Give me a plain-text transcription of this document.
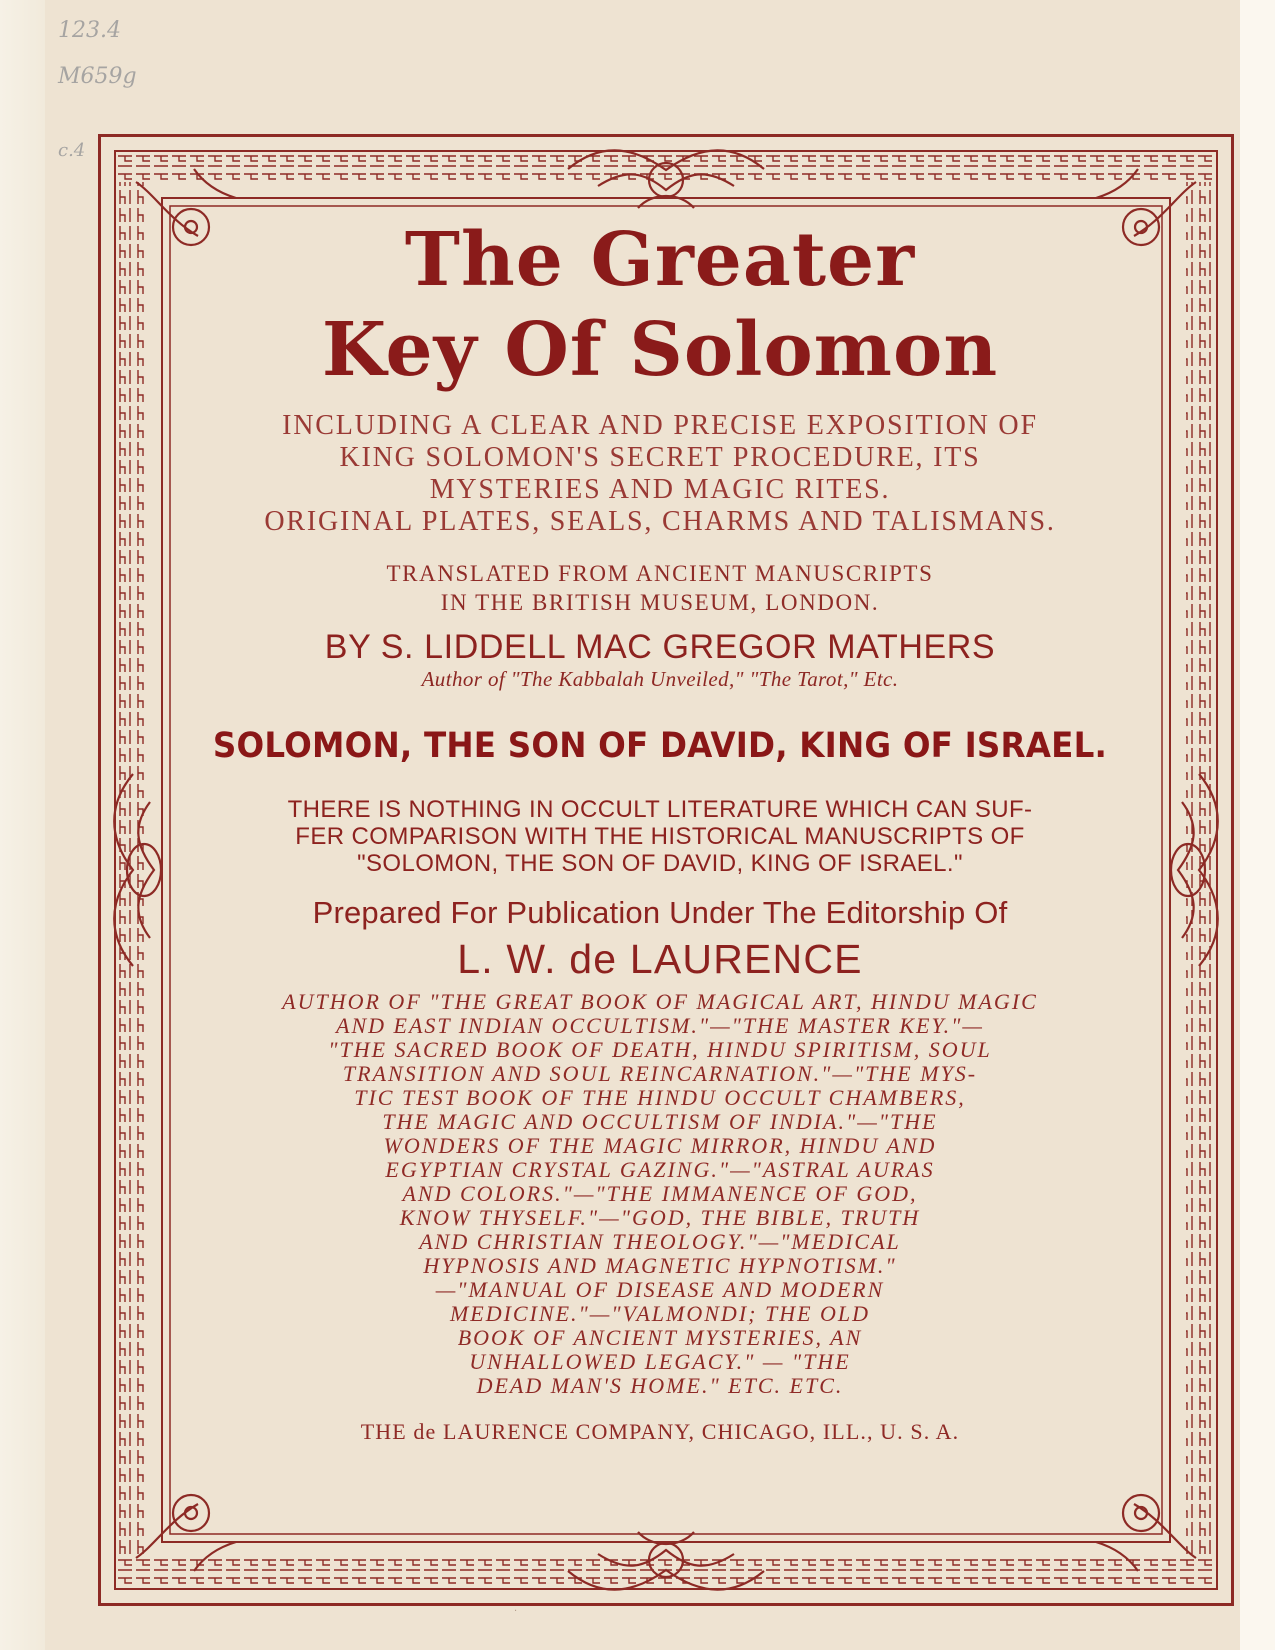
123.4
M659g
c.4
The Greater
Key Of Solomon
INCLUDING A CLEAR AND PRECISE EXPOSITION OF
KING SOLOMON'S SECRET PROCEDURE, ITS
MYSTERIES AND MAGIC RITES.
ORIGINAL PLATES, SEALS, CHARMS AND TALISMANS.
TRANSLATED FROM ANCIENT MANUSCRIPTS
IN THE BRITISH MUSEUM, LONDON.
BY S. LIDDELL MAC GREGOR MATHERS
Author of "The Kabbalah Unveiled," "The Tarot," Etc.
SOLOMON, THE SON OF DAVID, KING OF ISRAEL.
THERE IS NOTHING IN OCCULT LITERATURE WHICH CAN SUF-
FER COMPARISON WITH THE HISTORICAL MANUSCRIPTS OF
"SOLOMON, THE SON OF DAVID, KING OF ISRAEL."
Prepared For Publication Under The Editorship Of
L. W. de LAURENCE
AUTHOR OF "THE GREAT BOOK OF MAGICAL ART, HINDU MAGIC
AND EAST INDIAN OCCULTISM."—"THE MASTER KEY."—
"THE SACRED BOOK OF DEATH, HINDU SPIRITISM, SOUL
TRANSITION AND SOUL REINCARNATION."—"THE MYS-
TIC TEST BOOK OF THE HINDU OCCULT CHAMBERS,
THE MAGIC AND OCCULTISM OF INDIA."—"THE
WONDERS OF THE MAGIC MIRROR, HINDU AND
EGYPTIAN CRYSTAL GAZING."—"ASTRAL AURAS
AND COLORS."—"THE IMMANENCE OF GOD,
KNOW THYSELF."—"GOD, THE BIBLE, TRUTH
AND CHRISTIAN THEOLOGY."—"MEDICAL
HYPNOSIS AND MAGNETIC HYPNOTISM."
—"MANUAL OF DISEASE AND MODERN
MEDICINE."—"VALMONDI; THE OLD
BOOK OF ANCIENT MYSTERIES, AN
UNHALLOWED LEGACY." — "THE
DEAD MAN'S HOME." ETC. ETC.
THE de LAURENCE COMPANY, CHICAGO, ILL., U. S. A.
·
